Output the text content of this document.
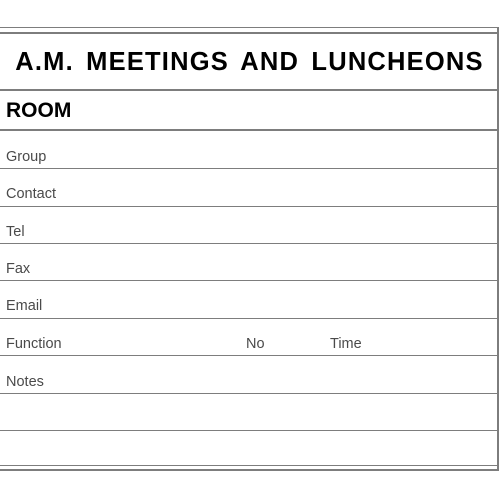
A.M. MEETINGS AND LUNCHEONS
ROOM
Group
Contact
Tel
Fax
Email
Function	No	Time
Notes
